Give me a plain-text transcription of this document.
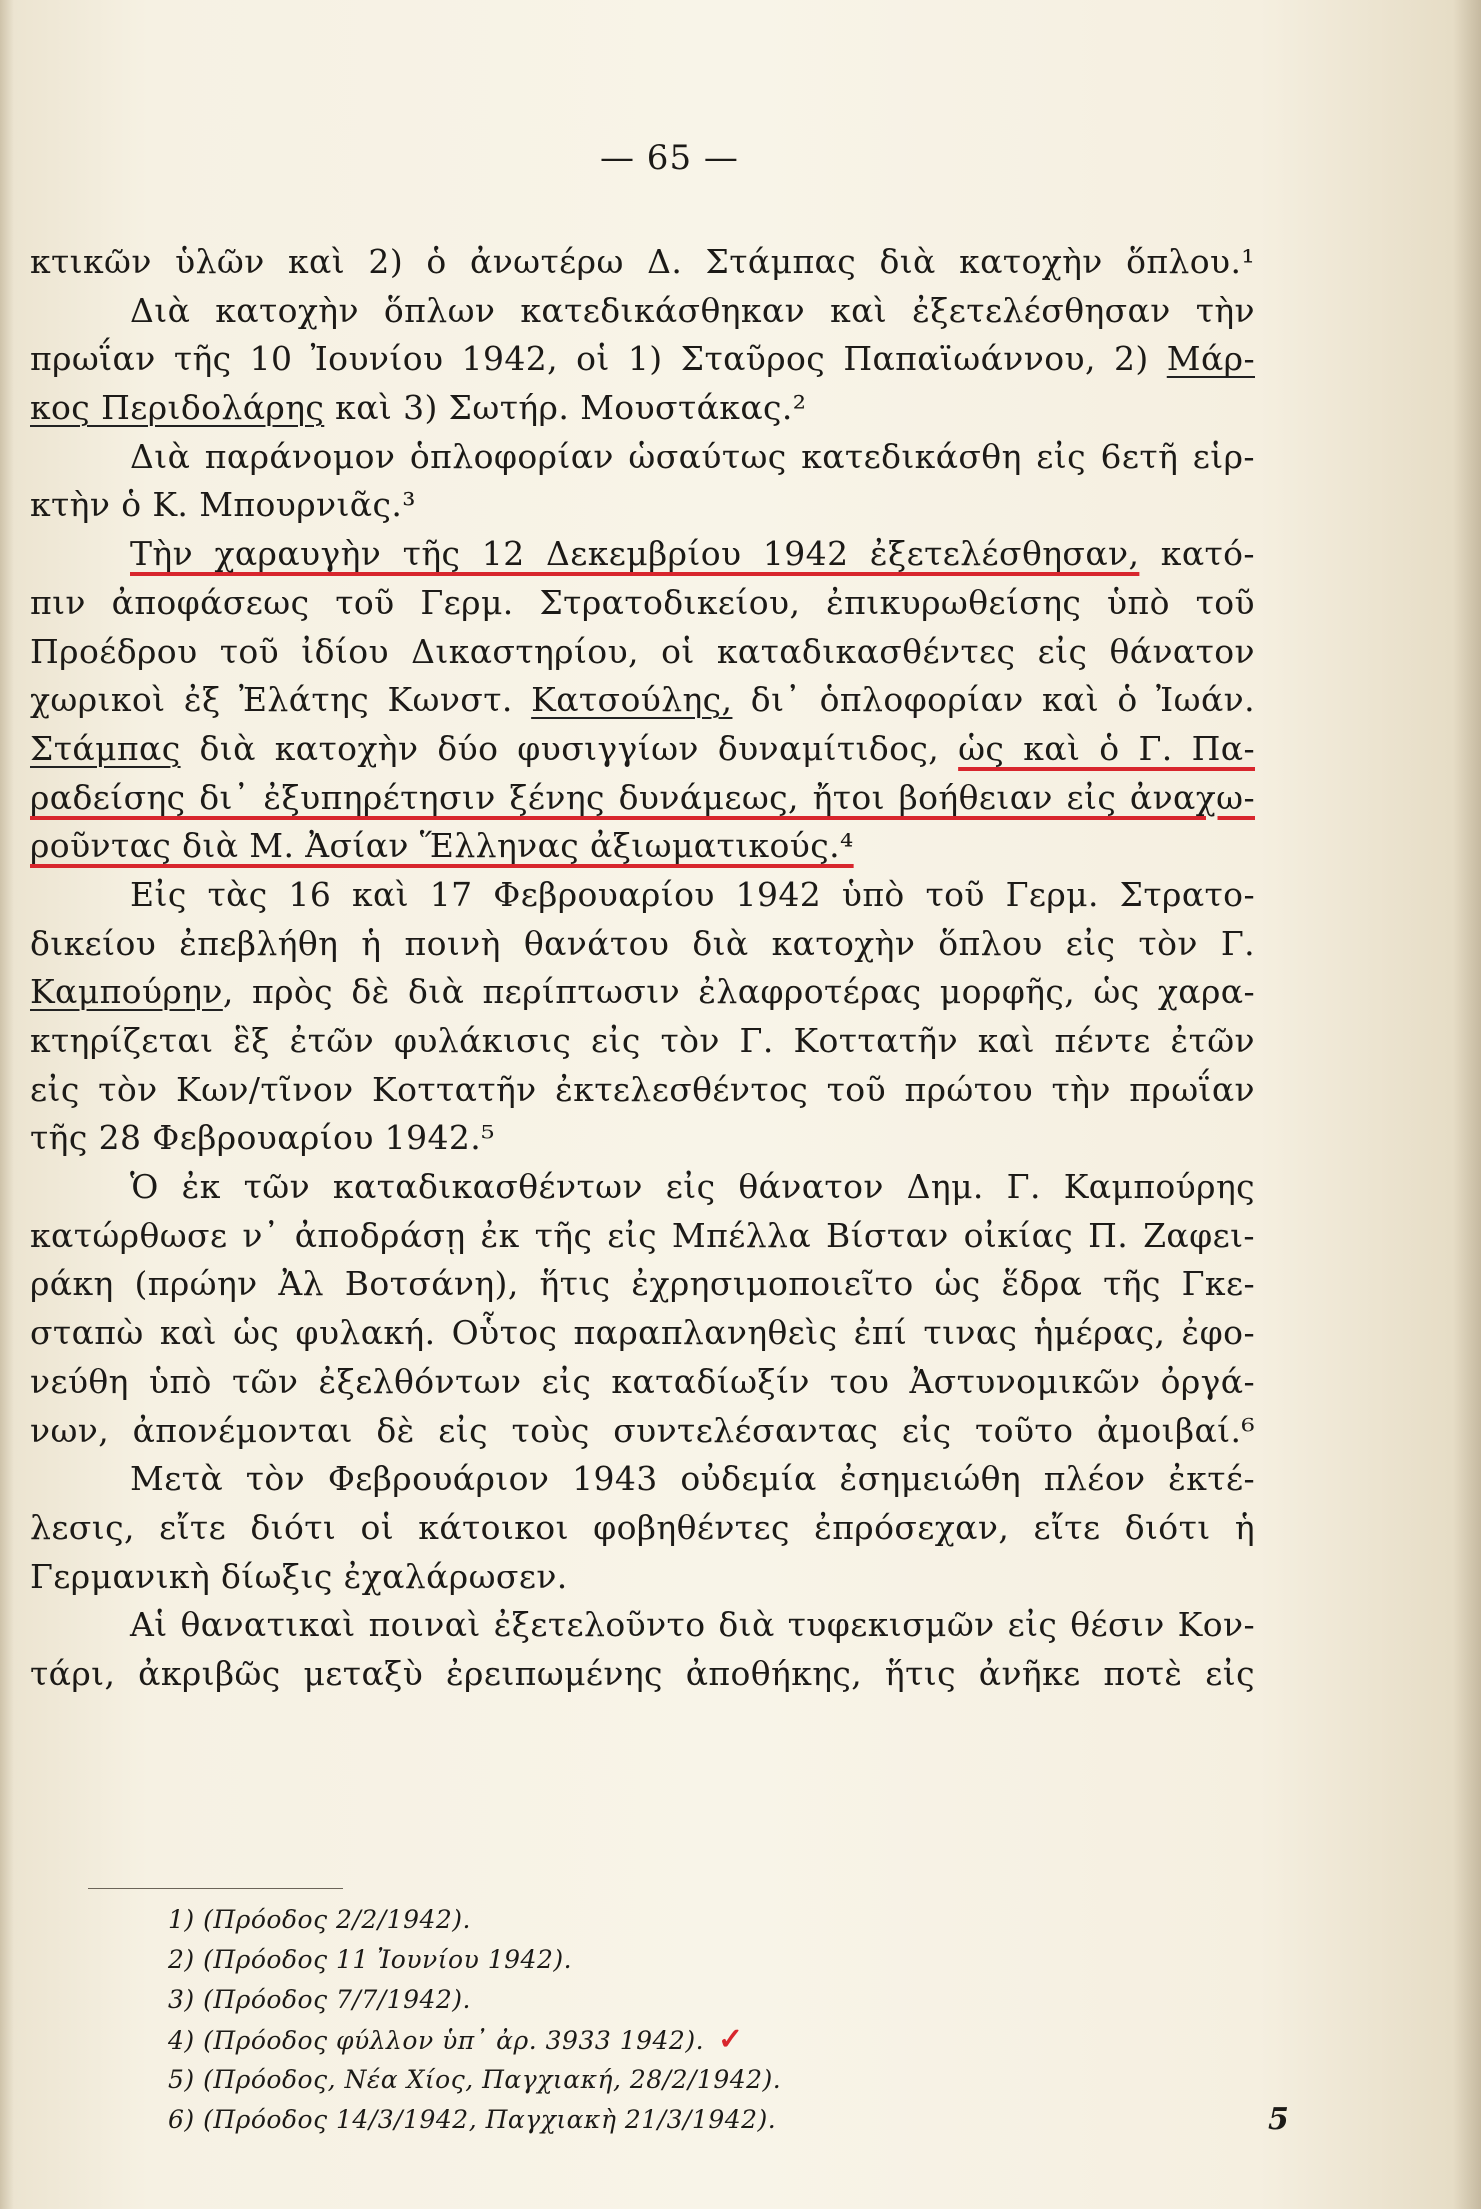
— 65 —
κτικῶν ὑλῶν καὶ 2) ὁ ἀνωτέρω Δ. Στάμπας διὰ κατοχὴν ὅπλου.¹
Διὰ κατοχὴν ὅπλων κατεδικάσθηκαν καὶ ἐξετελέσθησαν τὴν
πρωΐαν τῆς 10 Ἰουνίου 1942, οἱ 1) Σταῦρος Παπαϊωάννου, 2) Μάρ-
κος Περιδολάρης καὶ 3) Σωτήρ. Μουστάκας.²
Διὰ παράνομον ὁπλοφορίαν ὡσαύτως κατεδικάσθη εἰς 6ετῆ εἱρ-
κτὴν ὁ Κ. Μπουρνιᾶς.³
Τὴν χαραυγὴν τῆς 12 Δεκεμβρίου 1942 ἐξετελέσθησαν, κατό-
πιν ἀποφάσεως τοῦ Γερμ. Στρατοδικείου, ἐπικυρωθείσης ὑπὸ τοῦ
Προέδρου τοῦ ἰδίου Δικαστηρίου, οἱ καταδικασθέντες εἰς θάνατον
χωρικοὶ ἐξ Ἐλάτης Κωνστ. Κατσούλης, δι᾽ ὁπλοφορίαν καὶ ὁ Ἰωάν.
Στάμπας διὰ κατοχὴν δύο φυσιγγίων δυναμίτιδος, ὡς καὶ ὁ Γ. Πα-
ραδείσης δι᾽ ἐξυπηρέτησιν ξένης δυνάμεως, ἤτοι βοήθειαν εἰς ἀναχω-
ροῦντας διὰ Μ. Ἀσίαν Ἕλληνας ἀξιωματικούς.⁴
Εἰς τὰς 16 καὶ 17 Φεβρουαρίου 1942 ὑπὸ τοῦ Γερμ. Στρατο-
δικείου ἐπεβλήθη ἡ ποινὴ θανάτου διὰ κατοχὴν ὅπλου εἰς τὸν Γ.
Καμπούρην, πρὸς δὲ διὰ περίπτωσιν ἐλαφροτέρας μορφῆς, ὡς χαρα-
κτηρίζεται ἓξ ἐτῶν φυλάκισις εἰς τὸν Γ. Κοττατῆν καὶ πέντε ἐτῶν
εἰς τὸν Κων/τῖνον Κοττατῆν ἐκτελεσθέντος τοῦ πρώτου τὴν πρωΐαν
τῆς 28 Φεβρουαρίου 1942.⁵
Ὁ ἐκ τῶν καταδικασθέντων εἰς θάνατον Δημ. Γ. Καμπούρης
κατώρθωσε ν᾽ ἀποδράσῃ ἐκ τῆς εἰς Μπέλλα Βίσταν οἰκίας Π. Ζαφει-
ράκη (πρώην Ἀλ Βοτσάνη), ἥτις ἐχρησιμοποιεῖτο ὡς ἕδρα τῆς Γκε-
σταπὼ καὶ ὡς φυλακή. Οὗτος παραπλανηθεὶς ἐπί τινας ἡμέρας, ἐφο-
νεύθη ὑπὸ τῶν ἐξελθόντων εἰς καταδίωξίν του Ἀστυνομικῶν ὀργά-
νων, ἀπονέμονται δὲ εἰς τοὺς συντελέσαντας εἰς τοῦτο ἀμοιβαί.⁶
Μετὰ τὸν Φεβρουάριον 1943 οὐδεμία ἐσημειώθη πλέον ἐκτέ-
λεσις, εἴτε διότι οἱ κάτοικοι φοβηθέντες ἐπρόσεχαν, εἴτε διότι ἡ
Γερμανικὴ δίωξις ἐχαλάρωσεν.
Αἱ θανατικαὶ ποιναὶ ἐξετελοῦντο διὰ τυφεκισμῶν εἰς θέσιν Κον-
τάρι, ἀκριβῶς μεταξὺ ἐρειπωμένης ἀποθήκης, ἥτις ἀνῆκε ποτὲ εἰς
1) (Πρόοδος 2/2/1942).
2) (Πρόοδος 11 Ἰουνίου 1942).
3) (Πρόοδος 7/7/1942).
4) (Πρόοδος φύλλον ὑπ᾽ ἀρ. 3933 1942). ✓
5) (Πρόοδος, Νέα Χίος, Παγχιακή, 28/2/1942).
6) (Πρόοδος 14/3/1942, Παγχιακὴ 21/3/1942).	5
